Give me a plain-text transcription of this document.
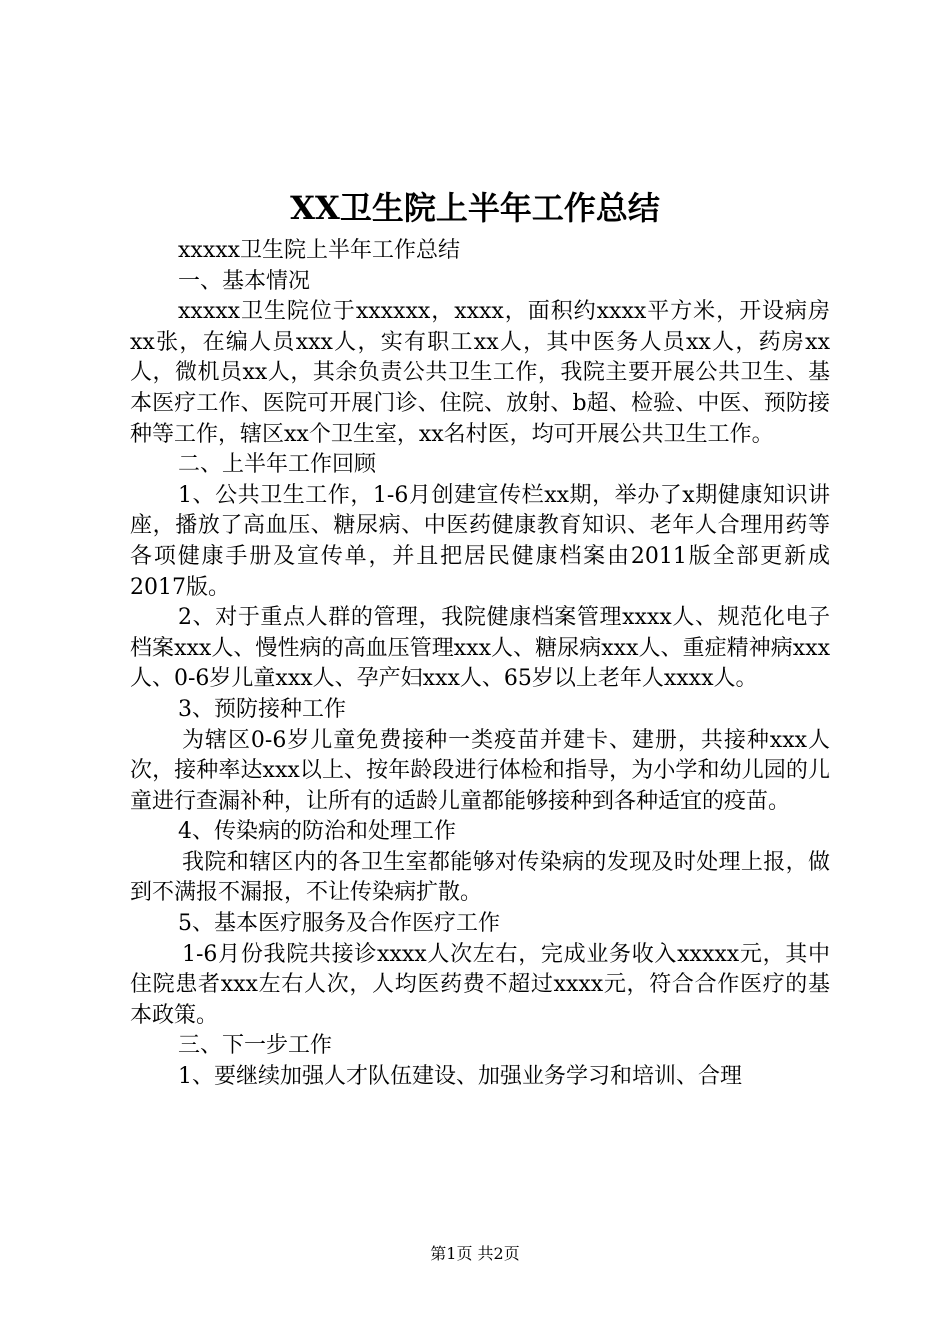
XX卫生院上半年工作总结

xxxxx卫生院上半年工作总结

一、基本情况

xxxxx卫生院位于xxxxxx，xxxx，面积约xxxx平方米，开设病房xx张，在编人员xxx人，实有职工xx人，其中医务人员xx人，药房xx人，微机员xx人，其余负责公共卫生工作，我院主要开展公共卫生、基本医疗工作、医院可开展门诊、住院、放射、b超、检验、中医、预防接种等工作，辖区xx个卫生室，xx名村医，均可开展公共卫生工作。

二、上半年工作回顾

1、公共卫生工作，1-6月创建宣传栏xx期，举办了x期健康知识讲座，播放了高血压、糖尿病、中医药健康教育知识、老年人合理用药等各项健康手册及宣传单，并且把居民健康档案由2011版全部更新成2017版。

2、对于重点人群的管理，我院健康档案管理xxxx人、规范化电子档案xxx人、慢性病的高血压管理xxx人、糖尿病xxx人、重症精神病xxx人、0-6岁儿童xxx人、孕产妇xxx人、65岁以上老年人xxxx人。

3、预防接种工作

为辖区0-6岁儿童免费接种一类疫苗并建卡、建册，共接种xxx人次，接种率达xxx以上、按年龄段进行体检和指导，为小学和幼儿园的儿童进行查漏补种，让所有的适龄儿童都能够接种到各种适宜的疫苗。

4、传染病的防治和处理工作

我院和辖区内的各卫生室都能够对传染病的发现及时处理上报，做到不满报不漏报，不让传染病扩散。

5、基本医疗服务及合作医疗工作

1-6月份我院共接诊xxxx人次左右，完成业务收入xxxxx元，其中住院患者xxx左右人次，人均医药费不超过xxxx元，符合合作医疗的基本政策。

三、下一步工作

1、要继续加强人才队伍建设、加强业务学习和培训、合理

第1页 共2页
